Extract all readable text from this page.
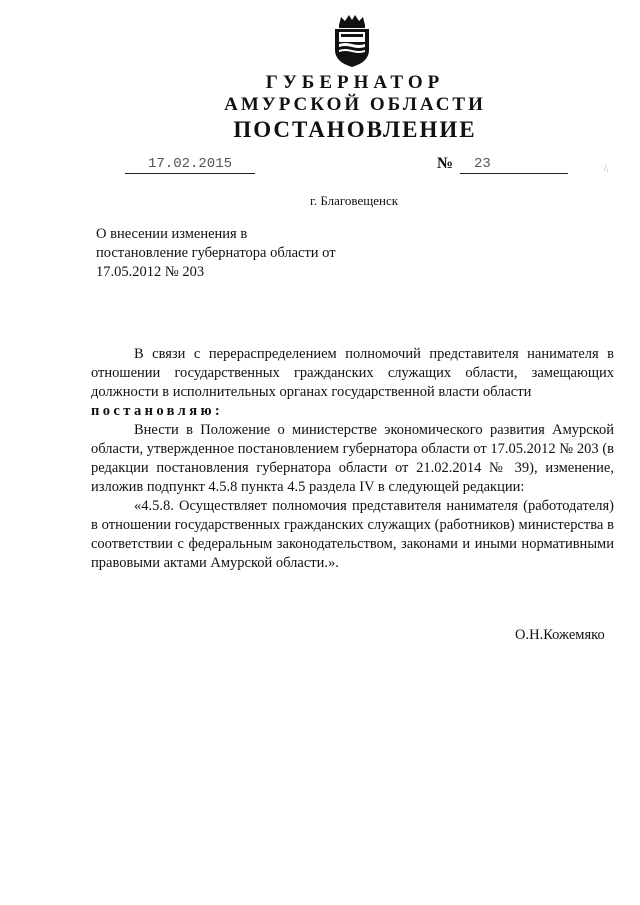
ГУБЕРНАТОР
АМУРСКОЙ ОБЛАСТИ
ПОСТАНОВЛЕНИЕ
17.02.2015	№	23	/ᵢ
г. Благовещенск
О внесении изменения в постановление губернатора области от 17.05.2012 № 203

В связи с перераспределением полномочий представителя нанимателя в отношении государственных гражданских служащих области, замещающих должности в исполнительных органах государственной власти области

постановляю:

Внести в Положение о министерстве экономического развития Амурской области, утвержденное постановлением губернатора области от 17.05.2012 № 203 (в редакции постановления губернатора области от 21.02.2014 № 39), изменение, изложив подпункт 4.5.8 пункта 4.5 раздела IV в следующей редакции:

«4.5.8. Осуществляет полномочия представителя нанимателя (работодателя) в отношении государственных гражданских служащих (работников) министерства в соответствии с федеральным законодательством, законами и иными нормативными правовыми актами Амурской области.».

О.Н.Кожемяко
